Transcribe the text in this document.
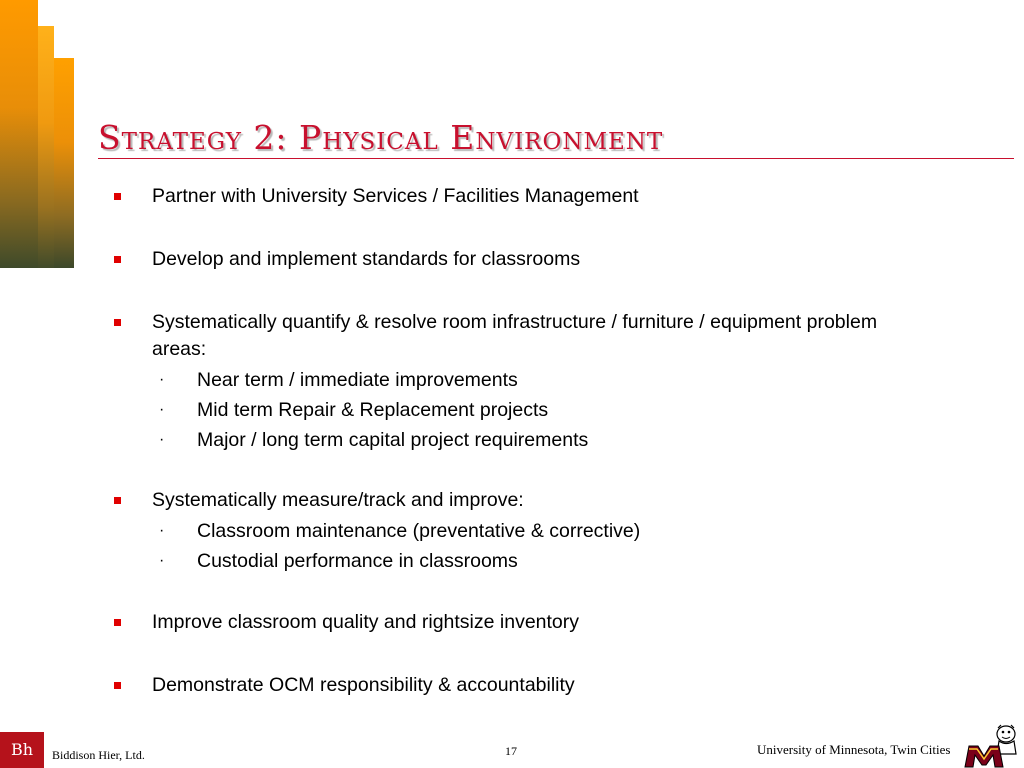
Strategy 2: Physical Environment
Partner with University Services / Facilities Management
Develop and implement standards for classrooms
Systematically quantify & resolve room infrastructure / furniture / equipment problem areas:
· Near term / immediate improvements
· Mid term Repair & Replacement projects
· Major / long term capital project requirements
Systematically measure/track and improve:
· Classroom maintenance (preventative & corrective)
· Custodial performance in classrooms
Improve classroom quality and rightsize inventory
Demonstrate OCM responsibility & accountability
Bh	Biddison Hier, Ltd.	17	University of Minnesota, Twin Cities
